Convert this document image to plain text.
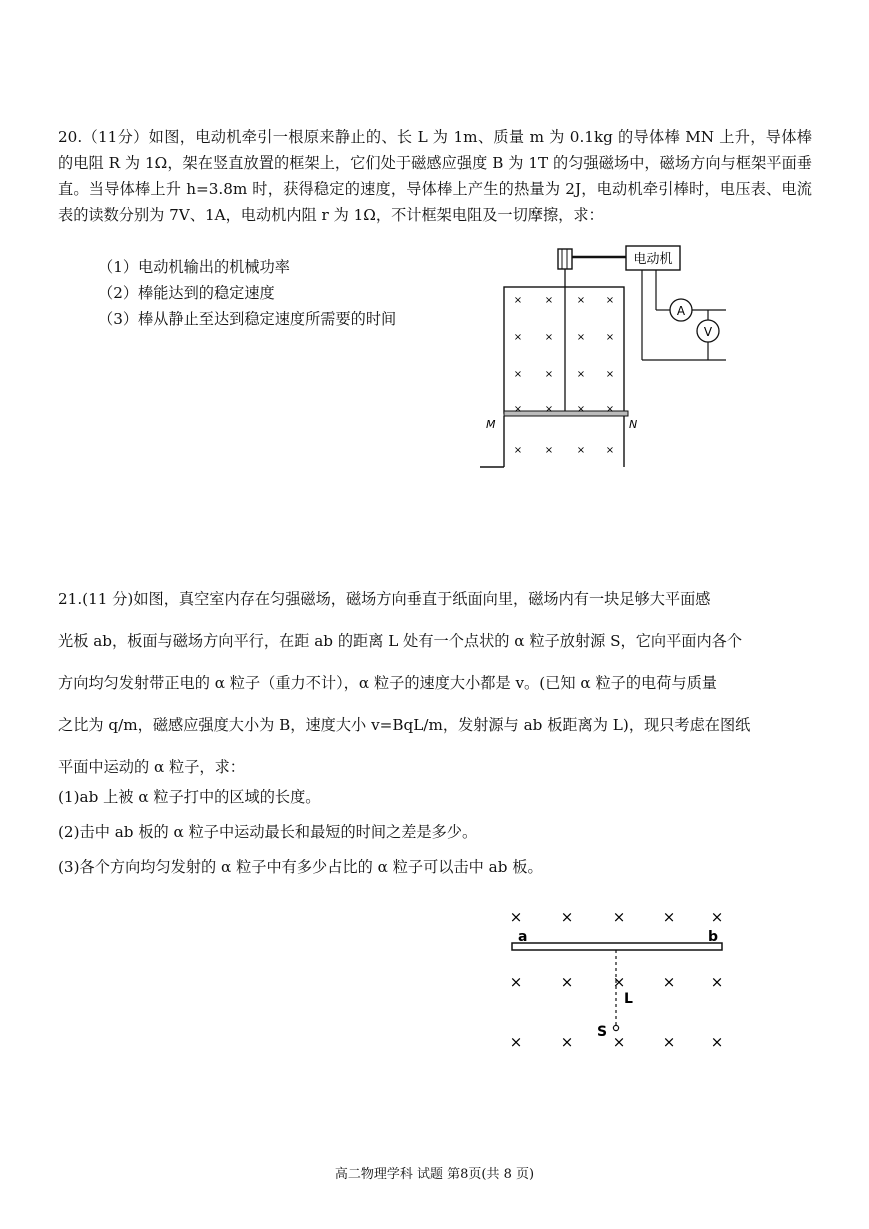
20.（11分）如图，电动机牵引一根原来静止的、长 L 为 1m、质量 m 为 0.1kg 的导体棒 MN 上升，导体棒的电阻 R 为 1Ω，架在竖直放置的框架上，它们处于磁感应强度 B 为 1T 的匀强磁场中，磁场方向与框架平面垂直。当导体棒上升 h=3.8m 时，获得稳定的速度，导体棒上产生的热量为 2J，电动机牵引棒时，电压表、电流表的读数分别为 7V、1A，电动机内阻 r 为 1Ω，不计框架电阻及一切摩擦，求：
（1）电动机输出的机械功率
（2）棒能达到的稳定速度
（3）棒从静止至达到稳定速度所需要的时间
电动机
A
V
M	N
× × × ×
× × × ×
× × × ×
× × × ×
× × × ×
21.(11 分)如图，真空室内存在匀强磁场，磁场方向垂直于纸面向里，磁场内有一块足够大平面感
光板 ab，板面与磁场方向平行，在距 ab 的距离 L 处有一个点状的 α 粒子放射源 S，它向平面内各个
方向均匀发射带正电的 α 粒子（重力不计），α 粒子的速度大小都是 v。(已知 α 粒子的电荷与质量
之比为 q/m，磁感应强度大小为 B，速度大小 v=BqL/m，发射源与 ab 板距离为 L)，现只考虑在图纸
平面中运动的 α 粒子，求：
(1)ab 上被 α 粒子打中的区域的长度。
(2)击中 ab 板的 α 粒子中运动最长和最短的时间之差是多少。
(3)各个方向均匀发射的 α 粒子中有多少占比的 α 粒子可以击中 ab 板。
×	×	× × ×
×	×	× × ×
×	×	× × ×
a	b
L
S
高二物理学科 试题 第8页(共 8 页)
